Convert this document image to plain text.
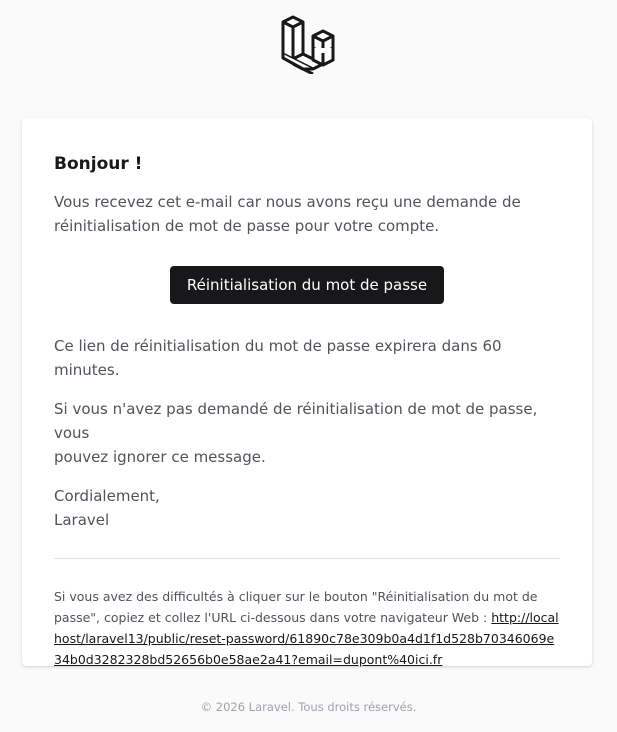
Bonjour !

Vous recevez cet e-mail car nous avons reçu une demande de
réinitialisation de mot de passe pour votre compte.

Réinitialisation du mot de passe

Ce lien de réinitialisation du mot de passe expirera dans 60 minutes.

Si vous n'avez pas demandé de réinitialisation de mot de passe, vous
pouvez ignorer ce message.

Cordialement,
Laravel

Si vous avez des difficultés à cliquer sur le bouton "Réinitialisation du mot de passe", copiez et collez l'URL ci-dessous dans votre navigateur Web : http://localhost/laravel13/public/reset-password/61890c78e309b0a4d1f1d528b70346069e34b0d3282328bd52656b0e58ae2a41?email=dupont%40ici.fr

© 2026 Laravel. Tous droits réservés.
